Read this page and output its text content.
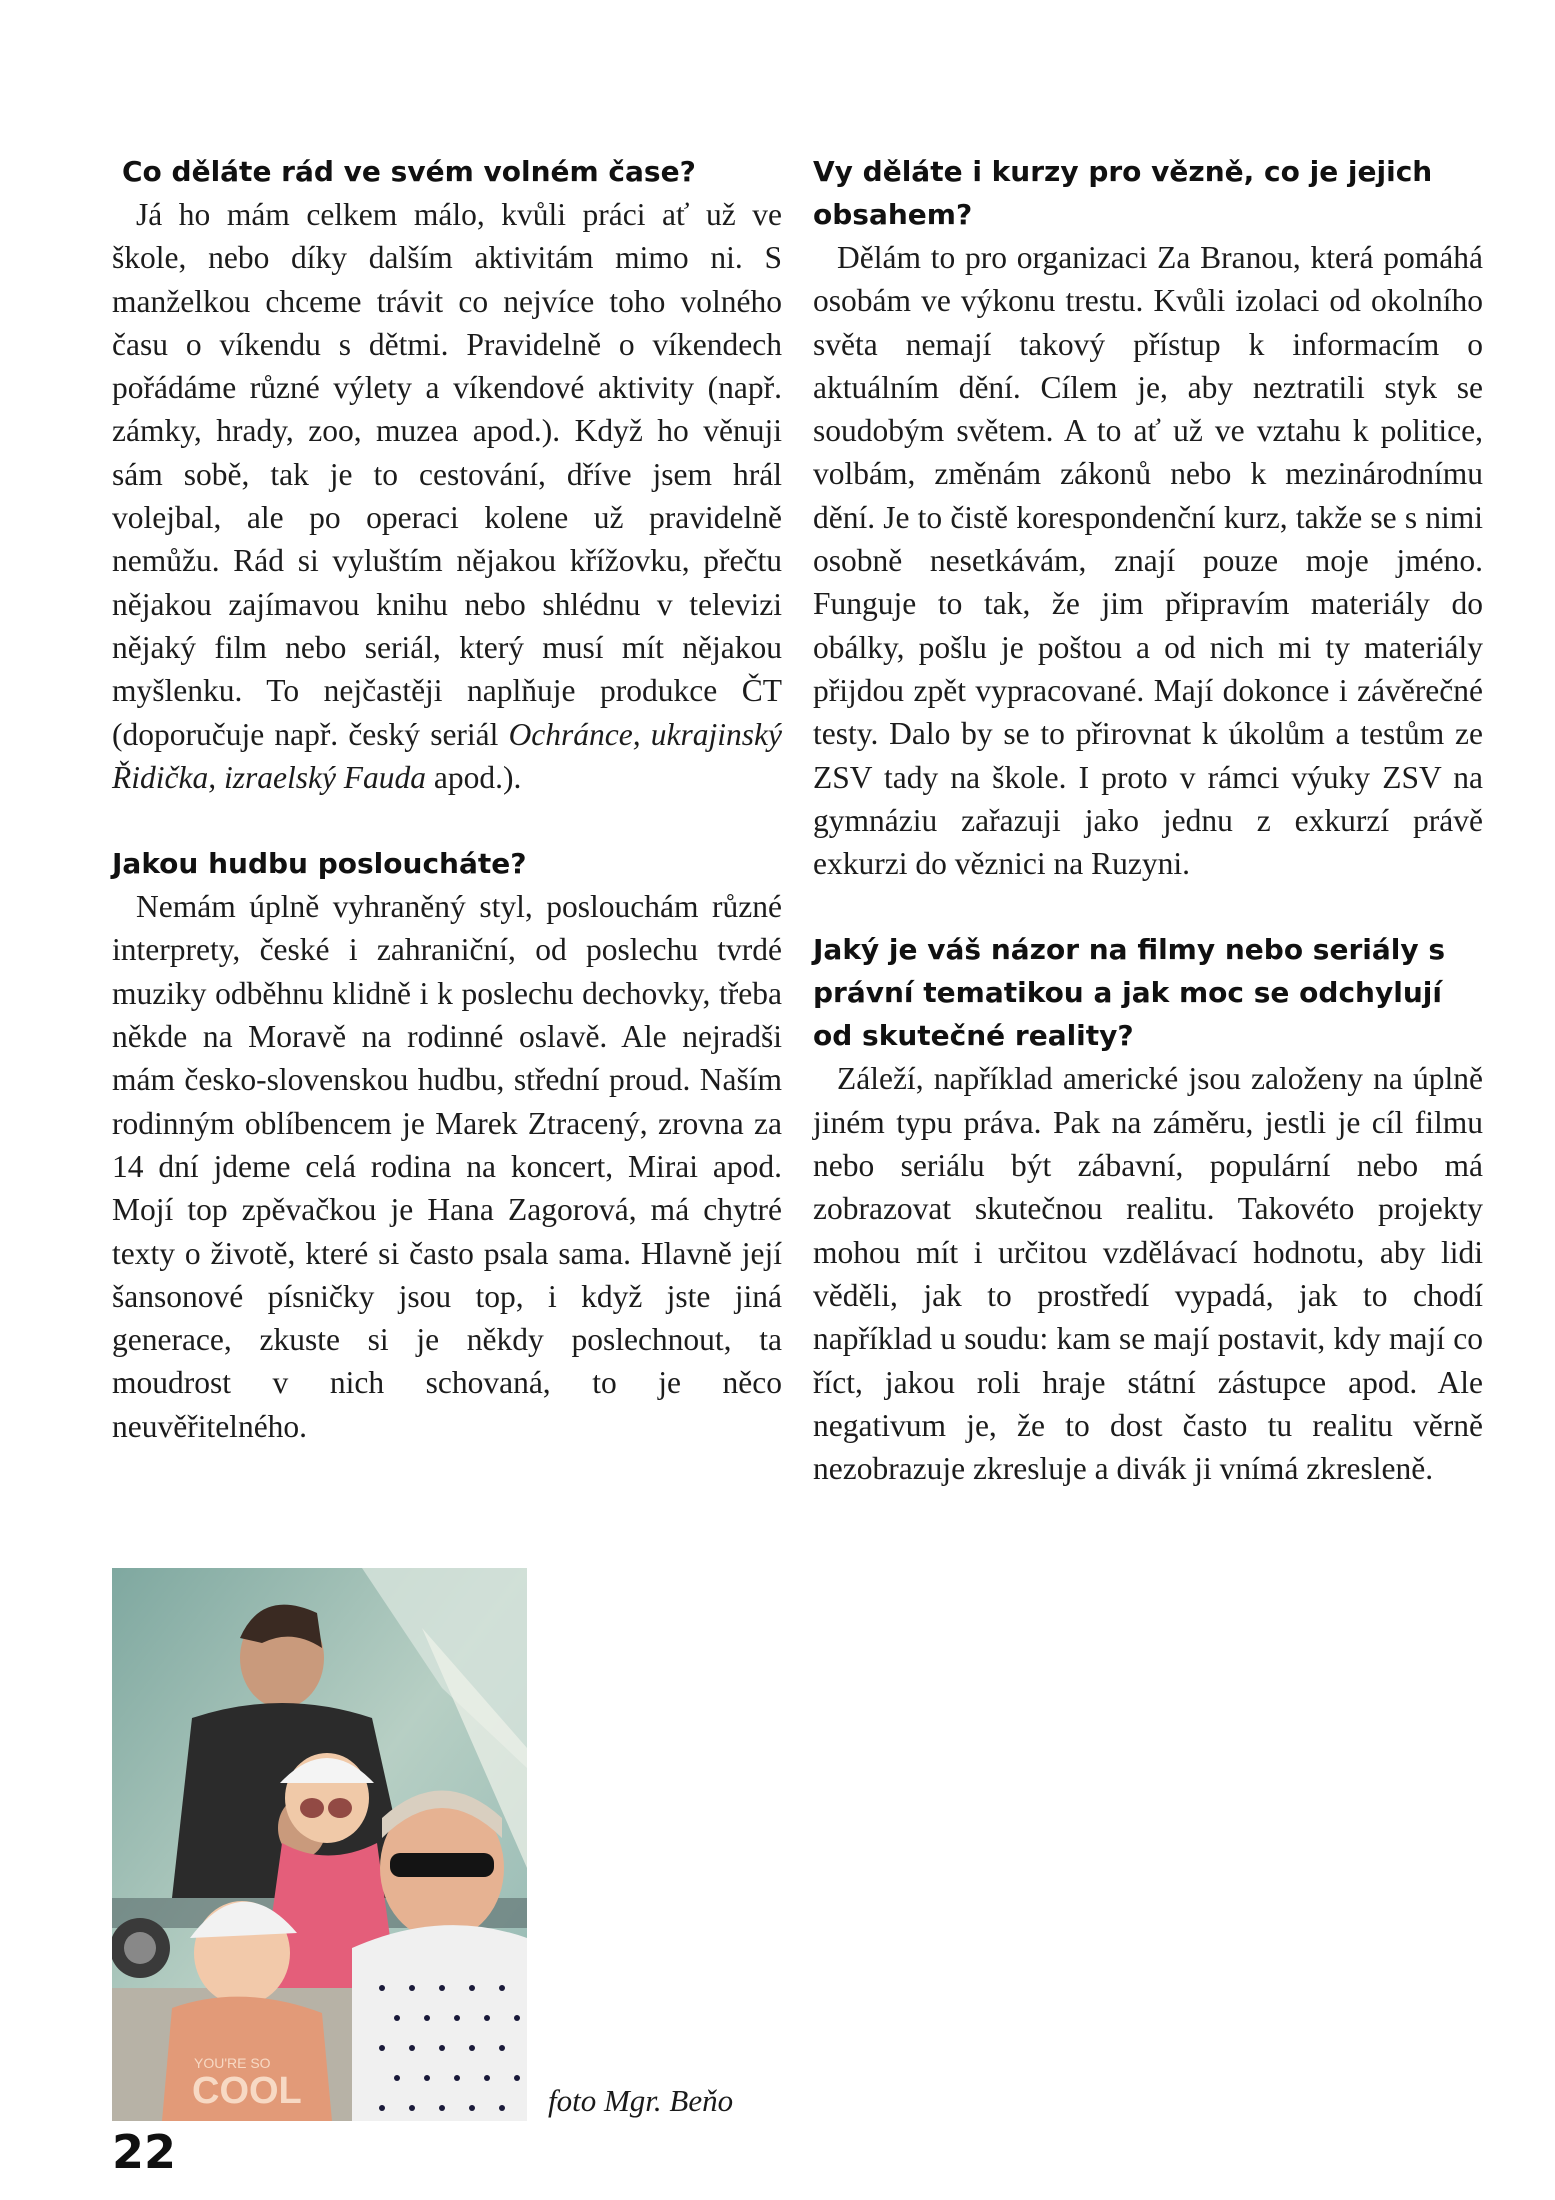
Co děláte rád ve svém volném čase?

Já ho mám celkem málo, kvůli práci ať už ve škole, nebo díky dalším aktivitám mimo ni. S manželkou chceme trávit co nejvíce toho volného času o víkendu s dětmi. Pravidelně o víkendech pořádáme různé výlety a víkendové aktivity (např. zámky, hrady, zoo, muzea apod.). Když ho věnuji sám sobě, tak je to cestování, dříve jsem hrál volejbal, ale po operaci kolene už pravidelně nemůžu. Rád si vyluštím nějakou křížovku, přečtu nějakou zajímavou knihu nebo shlédnu v televizi nějaký film nebo seriál, který musí mít nějakou myšlenku. To nejčastěji naplňuje produkce ČT (doporučuje např. český seriál Ochránce, ukrajinský Řidička, izraelský Fauda apod.).

Jakou hudbu posloucháte?

Nemám úplně vyhraněný styl, poslouchám různé interprety, české i zahraniční, od poslechu tvrdé muziky odběhnu klidně i k poslechu dechovky, třeba někde na Moravě na rodinné oslavě. Ale nejradši mám česko-slovenskou hudbu, střední proud. Naším rodinným oblíbencem je Marek Ztracený, zrovna za 14 dní jdeme celá rodina na koncert, Mirai apod. Mojí top zpěvačkou je Hana Zagorová, má chytré texty o životě, které si často psala sama. Hlavně její šansonové písničky jsou top, i když jste jiná generace, zkuste si je někdy poslechnout, ta moudrost v nich schovaná, to je něco neuvěřitelného.

Vy děláte i kurzy pro vězně, co je jejich obsahem?

Dělám to pro organizaci Za Branou, která pomáhá osobám ve výkonu trestu. Kvůli izolaci od okolního světa nemají takový přístup k informacím o aktuálním dění. Cílem je, aby neztratili styk se soudobým světem. A to ať už ve vztahu k politice, volbám, změnám zákonů nebo k mezinárodnímu dění. Je to čistě korespondenční kurz, takže se s nimi osobně nesetkávám, znají pouze moje jméno. Funguje to tak, že jim připravím materiály do obálky, pošlu je poštou a od nich mi ty materiály přijdou zpět vypracované. Mají dokonce i závěrečné testy. Dalo by se to přirovnat k úkolům a testům ze ZSV tady na škole. I proto v rámci výuky ZSV na gymnáziu zařazuji jako jednu z exkurzí právě exkurzi do věznici na Ruzyni.

Jaký je váš názor na filmy nebo seriály s právní tematikou a jak moc se odchylují od skutečné reality?

Záleží, například americké jsou založeny na úplně jiném typu práva. Pak na záměru, jestli je cíl filmu nebo seriálu být zábavní, populární nebo má zobrazovat skutečnou realitu. Takovéto projekty mohou mít i určitou vzdělávací hodnotu, aby lidi věděli, jak to prostředí vypadá, jak to chodí například u soudu: kam se mají postavit, kdy mají co říct, jakou roli hraje státní zástupce apod. Ale negativum je, že to dost často tu realitu věrně nezobrazuje zkresluje a divák ji vnímá zkresleně.

YOU'RE SO
COOL	foto Mgr. Beňo
22
